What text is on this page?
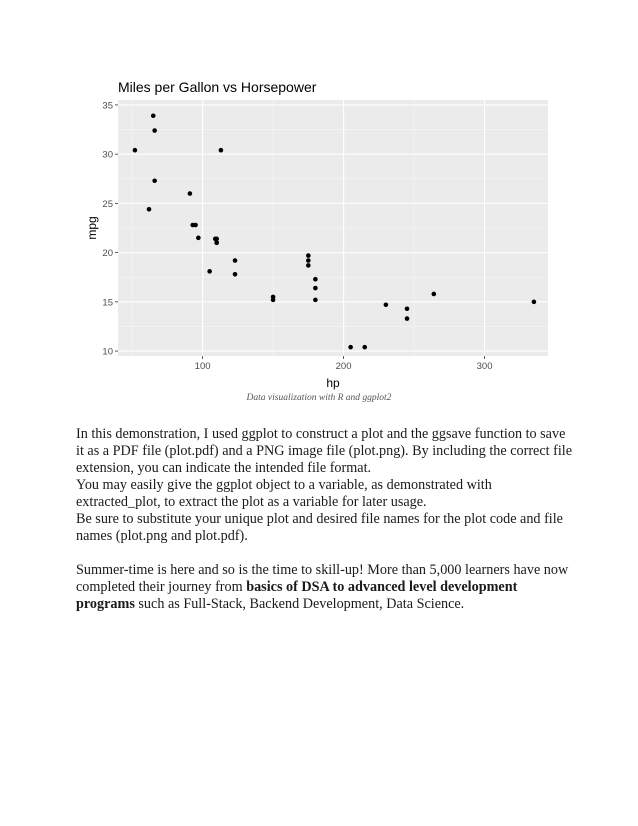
10
15
20
25
30
35
100	200	300
Miles per Gallon vs Horsepower
hp
mpg
Data visualization with R and ggplot2

In this demonstration, I used ggplot to construct a plot and the ggsave function to save it as a PDF file (plot.pdf) and a PNG image file (plot.png). By including the correct file extension, you can indicate the intended file format.

You may easily give the ggplot object to a variable, as demonstrated with extracted_plot, to extract the plot as a variable for later usage.

Be sure to substitute your unique plot and desired file names for the plot code and file names (plot.png and plot.pdf).

Summer-time is here and so is the time to skill-up! More than 5,000 learners have now completed their journey from basics of DSA to advanced level development programs such as Full-Stack, Backend Development, Data Science.
